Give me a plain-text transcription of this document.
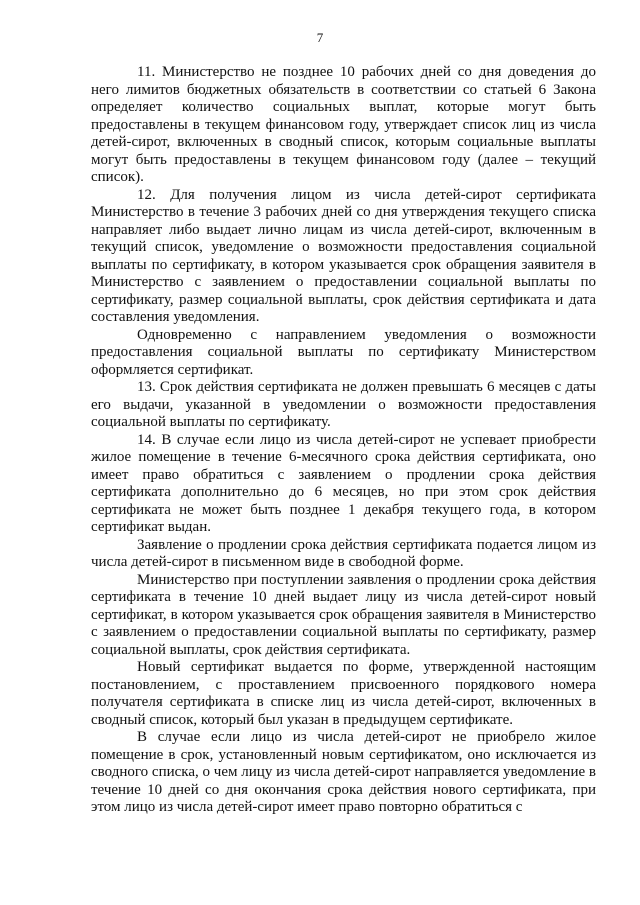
7

11. Министерство не позднее 10 рабочих дней со дня доведения до него лимитов бюджетных обязательств в соответствии со статьей 6 Закона определяет количество социальных выплат, которые могут быть предоставлены в текущем финансовом году, утверждает список лиц из числа детей-сирот, включенных в сводный список, которым социальные выплаты могут быть предоставлены в текущем финансовом году (далее – текущий список).

12. Для получения лицом из числа детей-сирот сертификата Министерство в течение 3 рабочих дней со дня утверждения текущего списка направляет либо выдает лично лицам из числа детей-сирот, включенным в текущий список, уведомление о возможности предоставления социальной выплаты по сертификату, в котором указывается срок обращения заявителя в Министерство с заявлением о предоставлении социальной выплаты по сертификату, размер социальной выплаты, срок действия сертификата и дата составления уведомления.

Одновременно с направлением уведомления о возможности предоставления социальной выплаты по сертификату Министерством оформляется сертификат.

13. Срок действия сертификата не должен превышать 6 месяцев с даты его выдачи, указанной в уведомлении о возможности предоставления социальной выплаты по сертификату.

14. В случае если лицо из числа детей-сирот не успевает приобрести жилое помещение в течение 6-месячного срока действия сертификата, оно имеет право обратиться с заявлением о продлении срока действия сертификата дополнительно до 6 месяцев, но при этом срок действия сертификата не может быть позднее 1 декабря текущего года, в котором сертификат выдан.

Заявление о продлении срока действия сертификата подается лицом из числа детей-сирот в письменном виде в свободной форме.

Министерство при поступлении заявления о продлении срока действия сертификата в течение 10 дней выдает лицу из числа детей-сирот новый сертификат, в котором указывается срок обращения заявителя в Министерство с заявлением о предоставлении социальной выплаты по сертификату, размер социальной выплаты, срок действия сертификата.

Новый сертификат выдается по форме, утвержденной настоящим постановлением, с проставлением присвоенного порядкового номера получателя сертификата в списке лиц из числа детей-сирот, включенных в сводный список, который был указан в предыдущем сертификате.

В случае если лицо из числа детей-сирот не приобрело жилое помещение в срок, установленный новым сертификатом, оно исключается из сводного списка, о чем лицу из числа детей-сирот направляется уведомление в течение 10 дней со дня окончания срока действия нового сертификата, при этом лицо из числа детей-сирот имеет право повторно обратиться с
